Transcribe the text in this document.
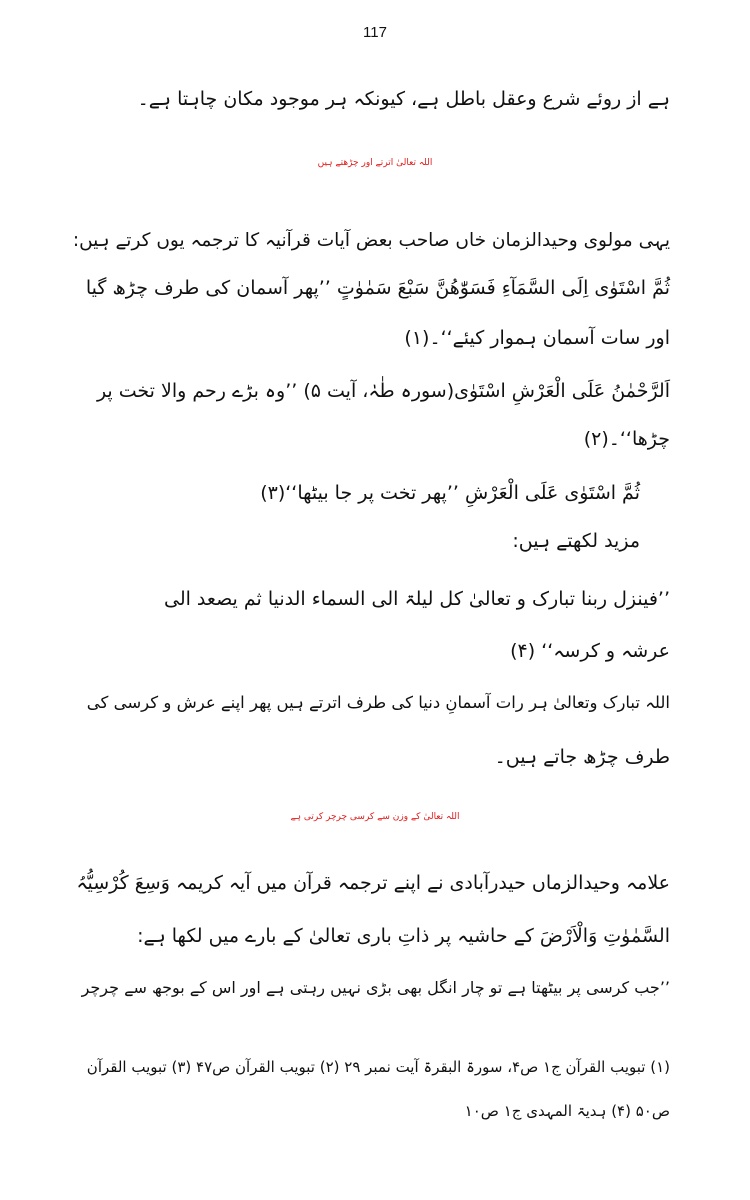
117
ہے از روئے شرع وعقل باطل ہے، کیونکہ ہر موجود مکان چاہتا ہے۔
اللہ تعالیٰ اترتے اور چڑھتے ہیں
یہی مولوی وحیدالزمان خاں صاحب بعض آیات قرآنیہ کا ترجمہ یوں کرتے ہیں:
ثُمَّ اسْتَوٰی اِلَی السَّمَآءِ فَسَوّٰھُنَّ سَبْعَ سَمٰوٰتٍ ’’پھر آسمان کی طرف چڑھ گیا
اور سات آسمان ہموار کیئے‘‘۔(۱)
اَلرَّحْمٰنُ عَلَی الْعَرْشِ اسْتَوٰی(سورہ طٰہٰ، آیت ۵) ’’وہ بڑے رحم والا تخت پر
چڑھا‘‘۔(۲)
ثُمَّ اسْتَوٰی عَلَی الْعَرْشِ ’’پھر تخت پر جا بیٹھا‘‘(۳)
مزید لکھتے ہیں:
’’فینزل ربنا تبارک و تعالیٰ کل لیلۃ الی السماء الدنیا ثم یصعد الی
عرشہ و کرسہ‘‘ (۴)
اللہ تبارک وتعالیٰ ہر رات آسمانِ دنیا کی طرف اترتے ہیں پھر اپنے عرش و کرسی کی
طرف چڑھ جاتے ہیں۔
اللہ تعالیٰ کے وزن سے کرسی چرچر کرتی ہے
علامہ وحیدالزماں حیدرآبادی نے اپنے ترجمہ قرآن میں آیہ کریمہ وَسِعَ کُرْسِیُّہُ
السَّمٰوٰتِ وَالْاَرْضَ کے حاشیہ پر ذاتِ باری تعالیٰ کے بارے میں لکھا ہے:
’’جب کرسی پر بیٹھتا ہے تو چار انگل بھی بڑی نہیں رہتی ہے اور اس کے بوجھ سے چرچر
(۱) تبویب القرآن ج۱ ص۴، سورۃ البقرۃ آیت نمبر ۲۹ (۲) تبویب القرآن ص۴۷ (۳) تبویب القرآن
ص۵۰ (۴) ہدیۃ المہدی ج۱ ص۱۰
